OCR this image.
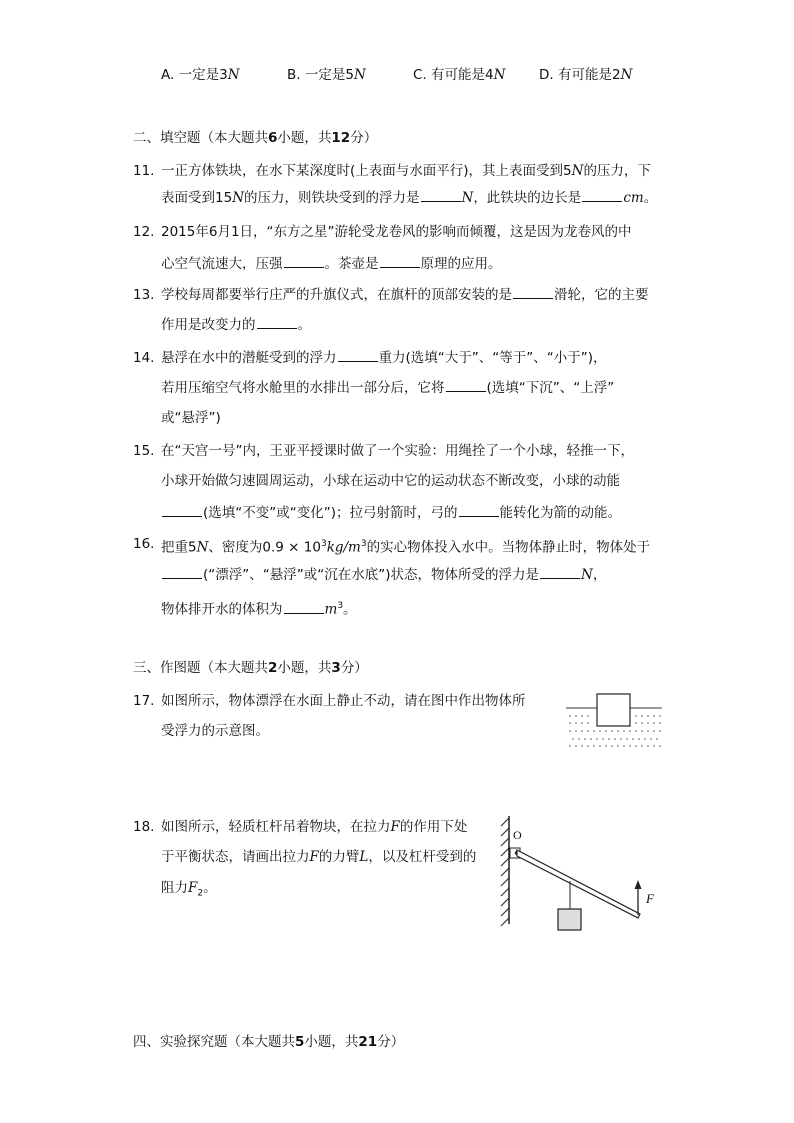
A. 一定是3N	B. 一定是5N	C. 有可能是4N D. 有可能是2N
二、填空题（本大题共6小题，共12分）
11. 一正方体铁块，在水下某深度时(上表面与水面平行)，其上表面受到5N的压力，下
表面受到15N的压力，则铁块受到的浮力是	N，此铁块的边长是	cm。
12. 2015年6月1日，“东方之星”游轮受龙卷风的影响而倾覆，这是因为龙卷风的中
心空气流速大，压强	。茶壶是	原理的应用。
13. 学校每周都要举行庄严的升旗仪式，在旗杆的顶部安装的是	滑轮，它的主要
作用是改变力的	。
14. 悬浮在水中的潜艇受到的浮力	重力(选填“大于”、“等于”、“小于”)，
若用压缩空气将水舱里的水排出一部分后，它将	(选填“下沉”、“上浮”
或“悬浮”)
15. 在“天宫一号”内，王亚平授课时做了一个实验：用绳拴了一个小球，轻推一下，
小球开始做匀速圆周运动，小球在运动中它的运动状态不断改变，小球的动能
(选填“不变”或“变化”)；拉弓射箭时，弓的	能转化为箭的动能。
16. 把重5N、密度为$0.9 \times 10^3kg/m^3$的实心物体投入水中。当物体静止时，物体处于
(“漂浮”、“悬浮”或“沉在水底”)状态，物体所受的浮力是	N，
物体排开水的体积为	$m^3$。
三、作图题（本大题共2小题，共3分）
17. 如图所示，物体漂浮在水面上静止不动，请在图中作出物体所
受浮力的示意图。
18. 如图所示，轻质杠杆吊着物块，在拉力F的作用下处
于平衡状态，请画出拉力F的力臂L，以及杠杆受到的
阻力$F_2$。
O
F
四、实验探究题（本大题共5小题，共21分）
